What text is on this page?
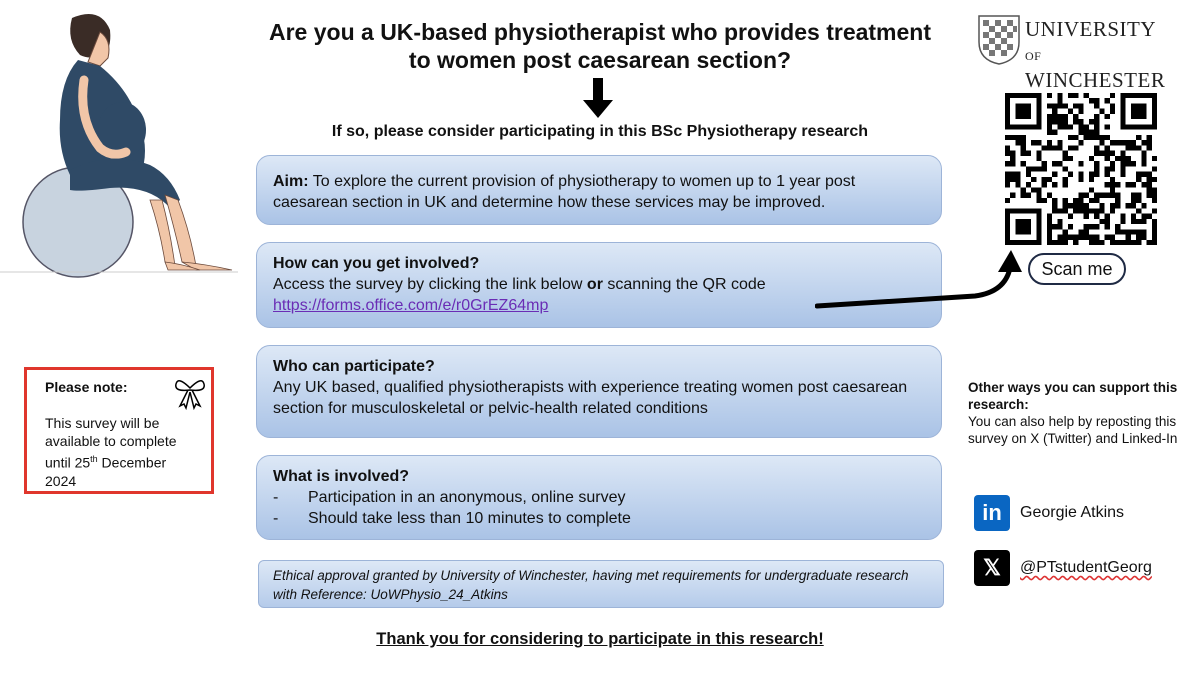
Are you a UK-based physiotherapist who provides treatment
to women post caesarean section?
If so, please consider participating in this BSc Physiotherapy research
Aim: To explore the current provision of physiotherapy to women up to 1 year post caesarean section in UK and determine how these services may be improved.
How can you get involved?
Access the survey by clicking the link below or scanning the QR code
https://forms.office.com/e/r0GrEZ64mp
Who can participate?
Any UK based, qualified physiotherapists with experience treating women post caesarean section for musculoskeletal or pelvic-health related conditions
What is involved?
-	Participation in an anonymous, online survey
-	Should take less than 10 minutes to complete
Ethical approval granted by University of Winchester, having met requirements for undergraduate research with Reference: UoWPhysio_24_Atkins
Thank you for considering to participate in this research!
Please note:
This survey will be available to complete until 25th December 2024
UNIVERSITY OF
WINCHESTER
Scan me
Other ways you can support this research:
You can also help by reposting this survey on X (Twitter) and Linked-In
in	Georgie Atkins
𝕏	@PTstudentGeorg
